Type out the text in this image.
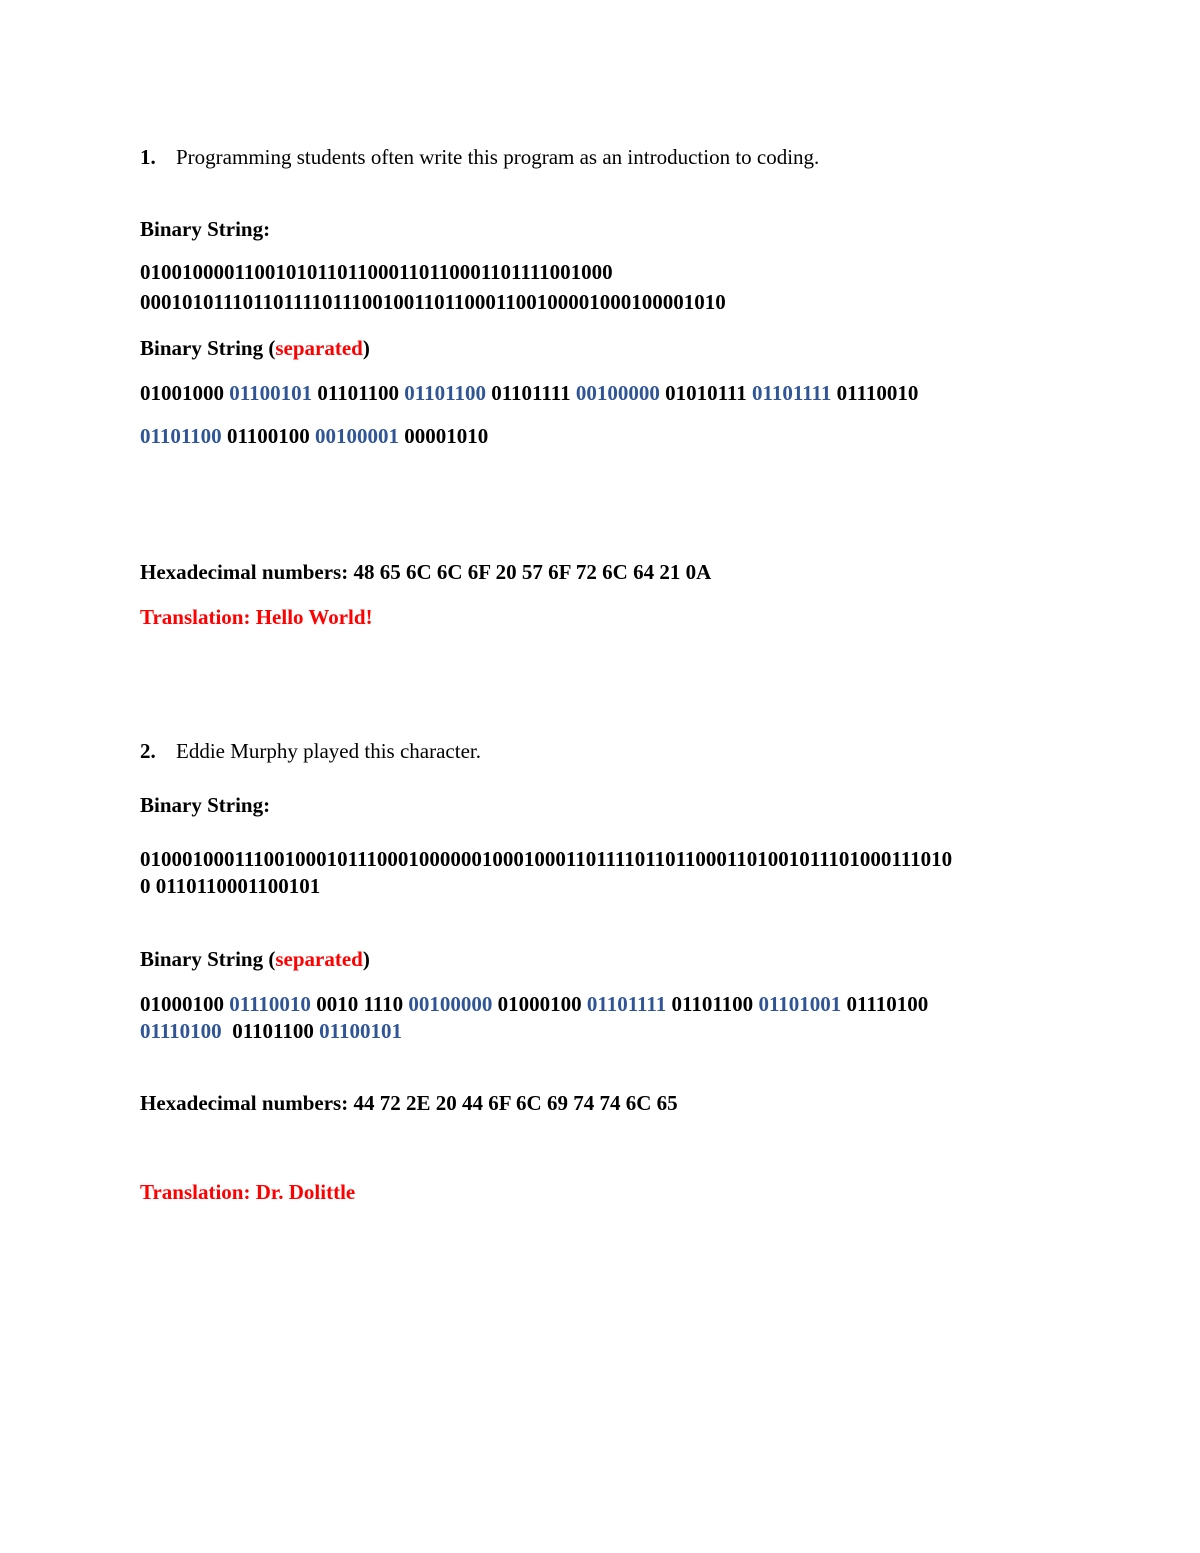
1. Programming students often write this program as an introduction to coding.
Binary String:
0100100001100101011011000110110001101111001000
000101011101101111011100100110110001100100001000100001010
Binary String (separated)
01001000 01100101 01101100 01101100 01101111 00100000 01010111 01101111 01110010
01101100 01100100 00100001 00001010
Hexadecimal numbers: 48 65 6C 6C 6F 20 57 6F 72 6C 64 21 0A
Translation: Hello World!
2. Eddie Murphy played this character.
Binary String:
0100010001110010001011100010000001000100011011110110110001101001011101000111010
0 0110110001100101
Binary String (separated)
01000100 01110010 0010 1110 00100000 01000100 01101111 01101100 01101001 01110100
01110100  01101100 01100101
Hexadecimal numbers: 44 72 2E 20 44 6F 6C 69 74 74 6C 65
Translation: Dr. Dolittle
